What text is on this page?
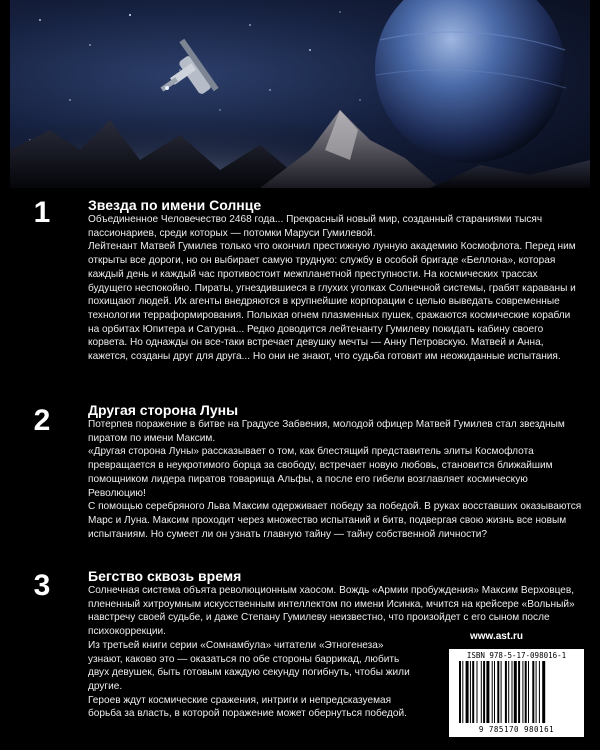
1	Звезда по имени Солнце

Объединенное Человечество 2468 года... Прекрасный новый мир, созданный стараниями тысяч пассионариев, среди которых — потомки Маруси Гумилевой.

Лейтенант Матвей Гумилев только что окончил престижную лунную академию Космофлота. Перед ним открыты все дороги, но он выбирает самую трудную: службу в особой бригаде «Беллона», которая каждый день и каждый час противостоит межпланетной преступности. На космических трассах будущего неспокойно. Пираты, угнездившиеся в глухих уголках Солнечной системы, грабят караваны и похищают людей. Их агенты внедряются в крупнейшие корпорации с целью выведать современные технологии терраформирования. Полыхая огнем плазменных пушек, сражаются космические корабли на орбитах Юпитера и Сатурна... Редко доводится лейтенанту Гумилеву покидать кабину своего корвета. Но однажды он все-таки встречает девушку мечты — Анну Петровскую. Матвей и Анна, кажется, созданы друг для друга... Но они не знают, что судьба готовит им неожиданные испытания.

2	Другая сторона Луны

Потерпев поражение в битве на Градусе Забвения, молодой офицер Матвей Гумилев стал звездным пиратом по имени Максим.

«Другая сторона Луны» рассказывает о том, как блестящий представитель элиты Космофлота превращается в неукротимого борца за свободу, встречает новую любовь, становится ближайшим помощником лидера пиратов товарища Альфы, а после его гибели возглавляет космическую Революцию!

С помощью серебряного Льва Максим одерживает победу за победой. В руках восставших оказываются Марс и Луна. Максим проходит через множество испытаний и битв, подвергая свою жизнь все новым испытаниям. Но сумеет ли он узнать главную тайну — тайну собственной личности?

3	Бегство сквозь время

Солнечная система объята революционным хаосом. Вождь «Армии пробуждения» Максим Верховцев, плененный хитроумным искусственным интеллектом по имени Исинка, мчится на крейсере «Вольный» навстречу своей судьбе, и даже Степану Гумилеву неизвестно, что произойдет с его сыном после психокоррекции.

Из третьей книги серии «Сомнамбула» читатели «Этногенеза» узнают, каково это — оказаться по обе стороны баррикад, любить двух девушек, быть готовым каждую секунду погибнуть, чтобы жили другие.

Героев ждут космические сражения, интриги и непредсказуемая борьба за власть, в которой поражение может обернуться победой.

www.ast.ru
ISBN 978-5-17-098016-1
9 785170 980161
